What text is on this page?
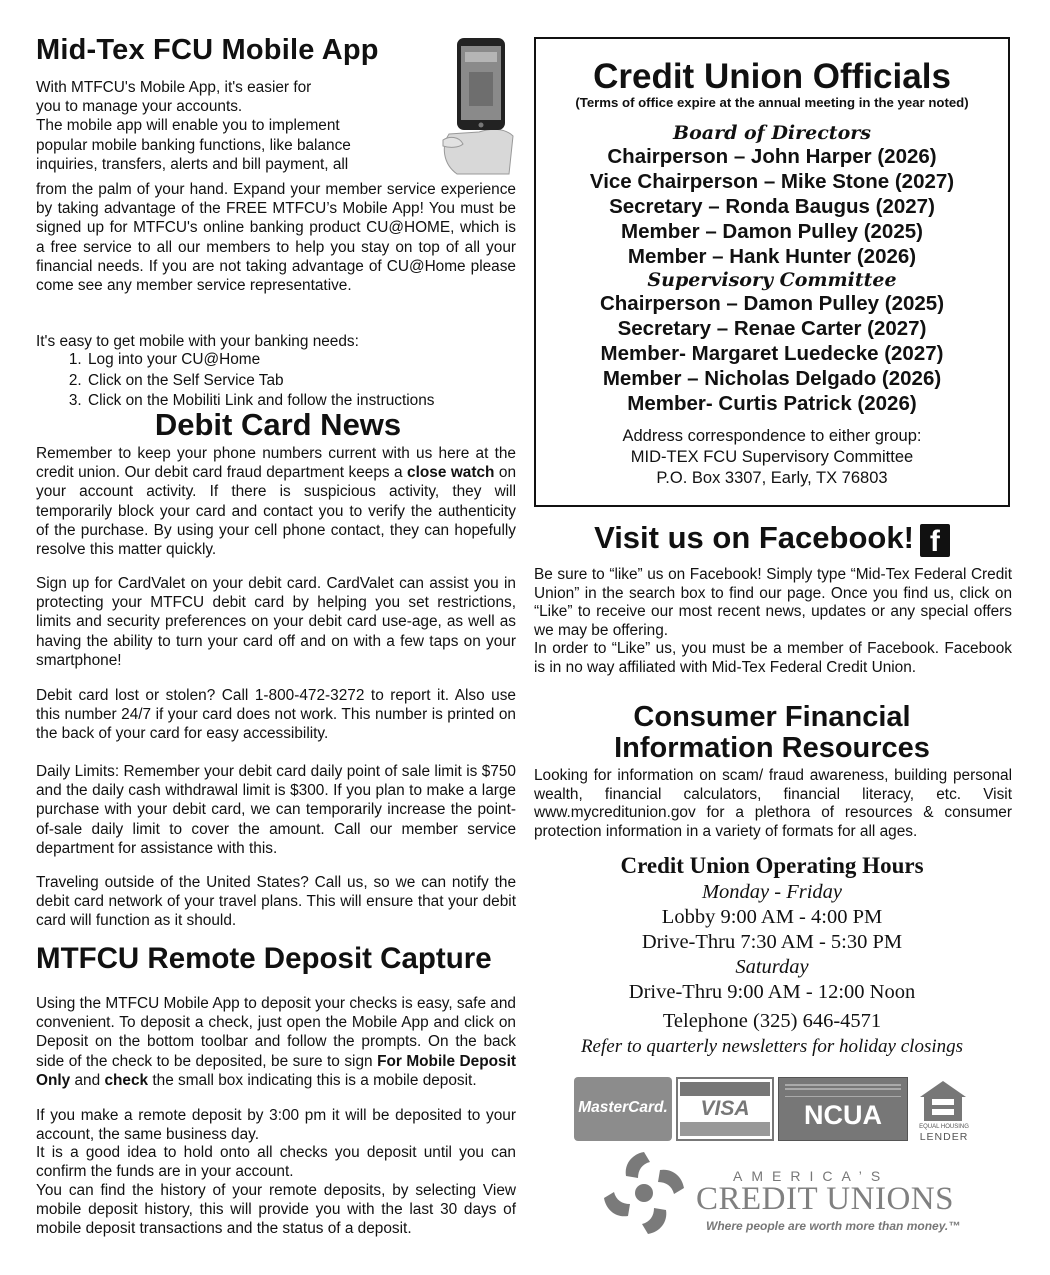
Mid-Tex FCU Mobile App

With MTFCU's Mobile App, it's easier for
you to manage your accounts.
The mobile app will enable you to implement
popular mobile banking functions, like balance
inquiries, transfers, alerts and bill payment, all

from the palm of your hand. Expand your member service experience by taking advantage of the FREE MTFCU’s Mobile App! You must be signed up for MTFCU's online banking product CU@HOME, which is a free service to all our members to help you stay on top of all your financial needs. If you are not taking advantage of CU@Home please come see any member service representative.

It's easy to get mobile with your banking needs:

1. Log into your CU@Home
2. Click on the Self Service Tab
3. Click on the Mobiliti Link and follow the instructions
Debit Card News

Remember to keep your phone numbers current with us here at the credit union. Our debit card fraud department keeps a close watch on your account activity. If there is suspicious activity, they will temporarily block your card and contact you to verify the authenticity of the purchase. By using your cell phone contact, they can hopefully resolve this matter quickly.

Sign up for CardValet on your debit card. CardValet can assist you in protecting your MTFCU debit card by helping you set restrictions, limits and security preferences on your debit card use-age, as well as having the ability to turn your card off and on with a few taps on your smartphone!

Debit card lost or stolen? Call 1-800-472-3272 to report it. Also use this number 24/7 if your card does not work. This number is printed on the back of your card for easy accessibility.

Daily Limits: Remember your debit card daily point of sale limit is $750 and the daily cash withdrawal limit is $300. If you plan to make a large purchase with your debit card, we can temporarily increase the point-of-sale daily limit to cover the amount. Call our member service department for assistance with this.

Traveling outside of the United States? Call us, so we can notify the debit card network of your travel plans. This will ensure that your debit card will function as it should.

MTFCU Remote Deposit Capture

Using the MTFCU Mobile App to deposit your checks is easy, safe and convenient. To deposit a check, just open the Mobile App and click on Deposit on the bottom toolbar and follow the prompts. On the back side of the check to be deposited, be sure to sign For Mobile Deposit Only and check the small box indicating this is a mobile deposit.

If you make a remote deposit by 3:00 pm it will be deposited to your account, the same business day.

It is a good idea to hold onto all checks you deposit until you can confirm the funds are in your account.

You can find the history of your remote deposits, by selecting View mobile deposit history, this will provide you with the last 30 days of mobile deposit transactions and the status of a deposit.

Credit Union Officials
(Terms of office expire at the annual meeting in the year noted)
Board of Directors
Chairperson – John Harper (2026)
Vice Chairperson – Mike Stone (2027)
Secretary – Ronda Baugus (2027)
Member – Damon Pulley (2025)
Member – Hank Hunter (2026)
Supervisory Committee
Chairperson – Damon Pulley (2025)
Secretary – Renae Carter (2027)
Member- Margaret Luedecke (2027)
Member – Nicholas Delgado (2026)
Member- Curtis Patrick (2026)
Address correspondence to either group:
MID-TEX FCU Supervisory Committee
P.O. Box 3307, Early, TX 76803
Visit us on Facebook! f

Be sure to “like” us on Facebook! Simply type “Mid-Tex Federal Credit Union” in the search box to find our page. Once you find us, click on “Like” to receive our most recent news, updates or any special offers we may be offering.

In order to “Like” us, you must be a member of Facebook. Facebook is in no way affiliated with Mid-Tex Federal Credit Union.

Consumer Financial
Information Resources

Looking for information on scam/ fraud awareness, building personal wealth, financial calculators, financial literacy, etc. Visit www.mycreditunion.gov for a plethora of resources & consumer protection information in a variety of formats for all ages.

Credit Union Operating Hours
Monday - Friday
Lobby 9:00 AM - 4:00 PM
Drive-Thru 7:30 AM - 5:30 PM
Saturday
Drive-Thru 9:00 AM - 12:00 Noon
Telephone (325) 646-4571
Refer to quarterly newsletters for holiday closings
MasterCard.	VISA	NCUA	EQUAL HOUSING
LENDER
AMERICA’S
CREDIT UNIONS
Where people are worth more than money.™
